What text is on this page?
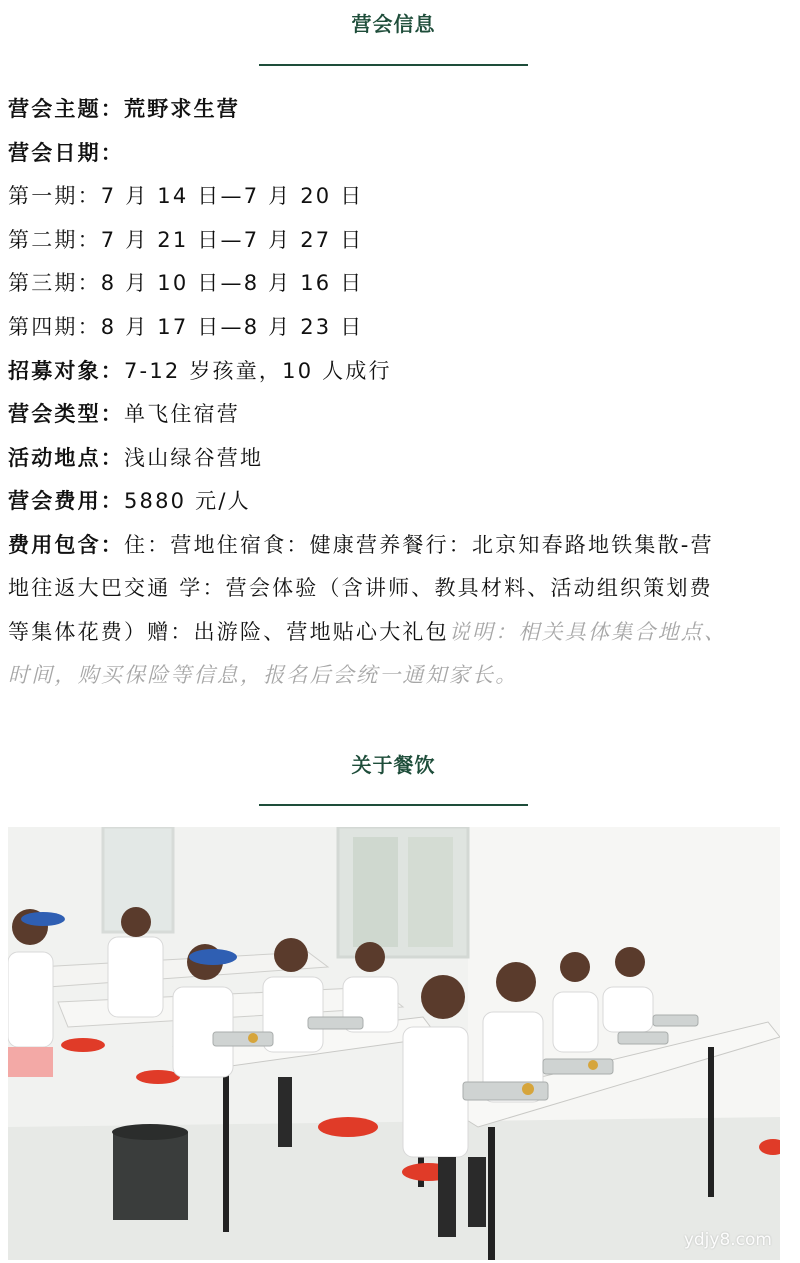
营会信息
营会主题：荒野求生营
营会日期：
第一期：7 月 14 日—7 月 20 日
第二期：7 月 21 日—7 月 27 日
第三期：8 月 10 日—8 月 16 日
第四期：8 月 17 日—8 月 23 日
招募对象：7-12 岁孩童，10 人成行
营会类型：单飞住宿营
活动地点：浅山绿谷营地
营会费用：5880 元/人
费用包含：住：营地住宿食：健康营养餐行：北京知春路地铁集散-营
地往返大巴交通 学：营会体验（含讲师、教具材料、活动组织策划费
等集体花费）赠：出游险、营地贴心大礼包说明：相关具体集合地点、
时间，购买保险等信息，报名后会统一通知家长。
关于餐饮
ydjy8.com
